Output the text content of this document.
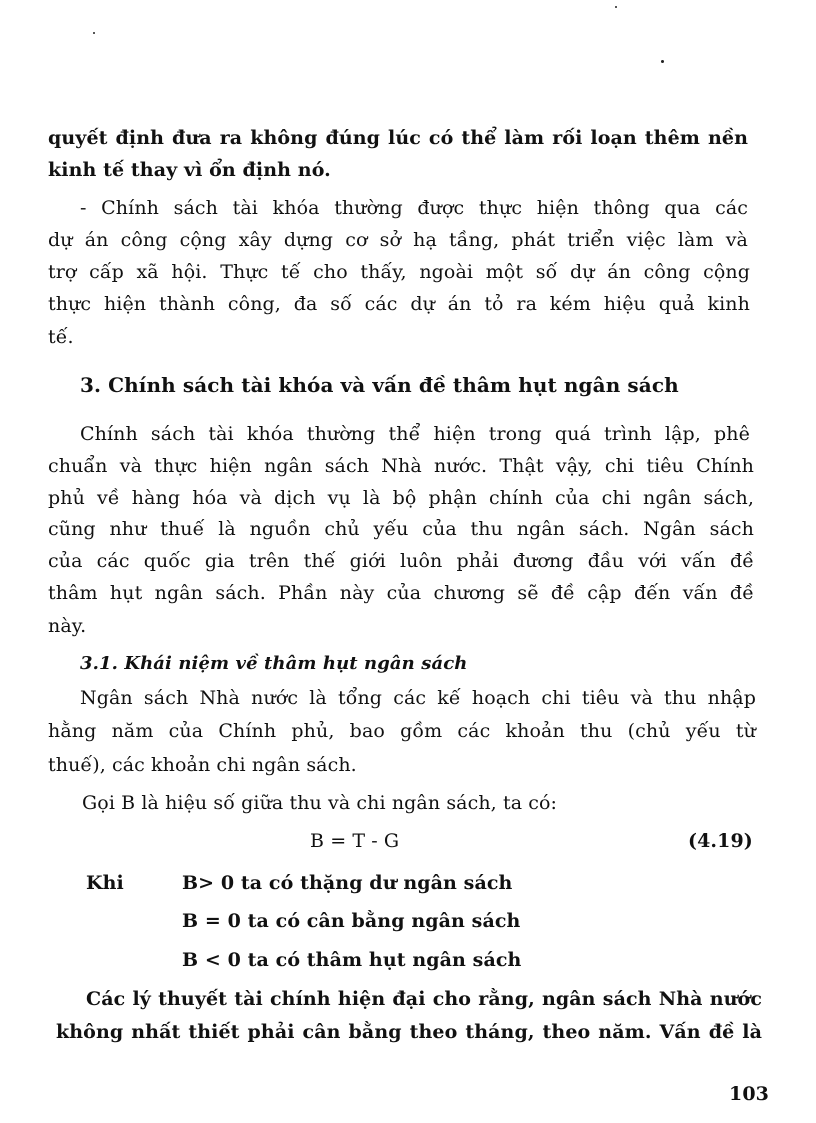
quyết định đưa ra không đúng lúc có thể làm rối loạn thêm nền

kinh tế thay vì ổn định nó.

- Chính sách tài khóa thường được thực hiện thông qua các

dự án công cộng xây dựng cơ sở hạ tầng, phát triển việc làm và

trợ cấp xã hội. Thực tế cho thấy, ngoài một số dự án công cộng

thực hiện thành công, đa số các dự án tỏ ra kém hiệu quả kinh

tế.

3. Chính sách tài khóa và vấn đề thâm hụt ngân sách

Chính sách tài khóa thường thể hiện trong quá trình lập, phê

chuẩn và thực hiện ngân sách Nhà nước. Thật vậy, chi tiêu Chính

phủ về hàng hóa và dịch vụ là bộ phận chính của chi ngân sách,

cũng như thuế là nguồn chủ yếu của thu ngân sách. Ngân sách

của các quốc gia trên thế giới luôn phải đương đầu với vấn đề

thâm hụt ngân sách. Phần này của chương sẽ đề cập đến vấn đề

này.

3.1. Khái niệm về thâm hụt ngân sách

Ngân sách Nhà nước là tổng các kế hoạch chi tiêu và thu nhập

hằng năm của Chính phủ, bao gồm các khoản thu (chủ yếu từ

thuế), các khoản chi ngân sách.

Gọi B là hiệu số giữa thu và chi ngân sách, ta có:

B = T - G	(4.19)
Khi	B> 0 ta có thặng dư ngân sách
B = 0 ta có cân bằng ngân sách
B < 0 ta có thâm hụt ngân sách

Các lý thuyết tài chính hiện đại cho rằng, ngân sách Nhà nước

không nhất thiết phải cân bằng theo tháng, theo năm. Vấn đề là

103
